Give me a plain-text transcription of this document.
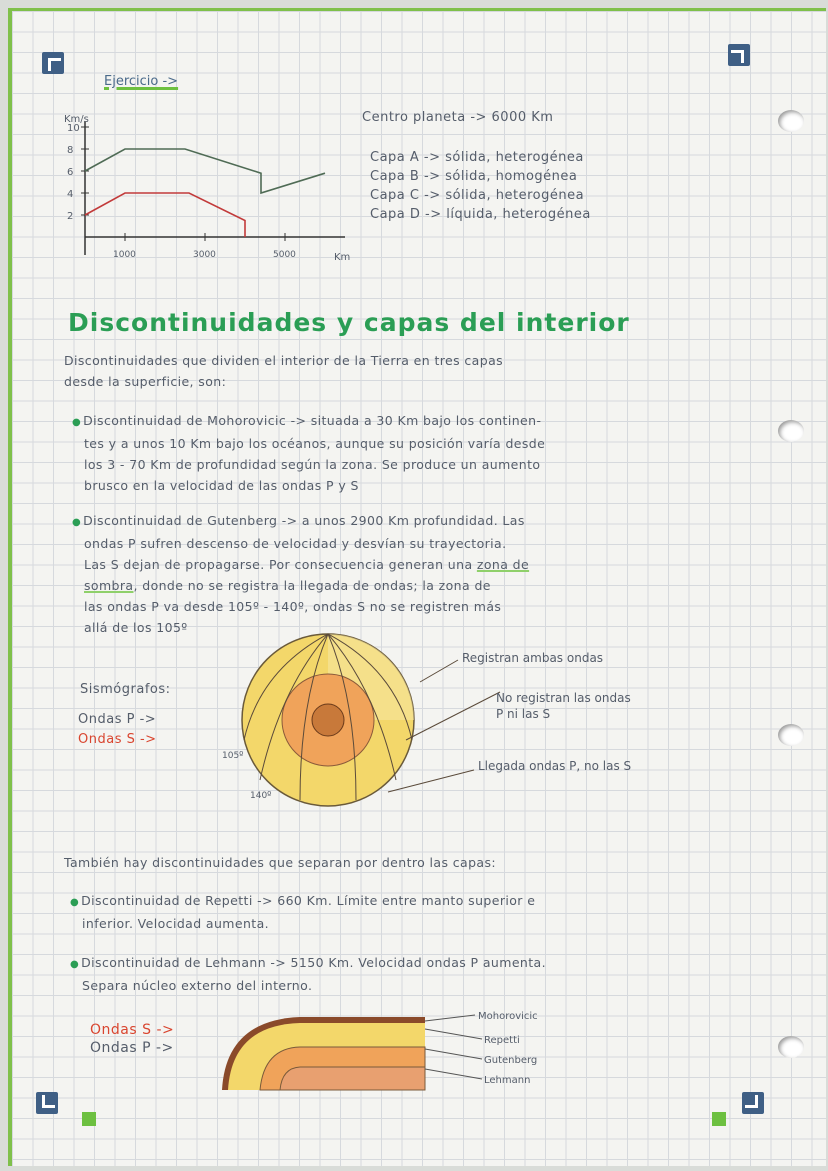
Ejercicio ->
Km/s
Km
2
4
6
8
10
1000	3000	5000
Centro planeta -> 6000 Km
Capa A -> sólida, heterogénea
Capa B -> sólida, homogénea
Capa C -> sólida, heterogénea
Capa D -> líquida, heterogénea
Discontinuidades y capas del interior
Discontinuidades que dividen el interior de la Tierra en tres capas
desde la superficie, son:
● Discontinuidad de Mohorovicic -> situada a 30 Km bajo los continen-
tes y a unos 10 Km bajo los océanos, aunque su posición varía desde
los 3 - 70 Km de profundidad según la zona. Se produce un aumento
brusco en la velocidad de las ondas P y S
● Discontinuidad de Gutenberg -> a unos 2900 Km profundidad. Las
ondas P sufren descenso de velocidad y desvían su trayectoria.
Las S dejan de propagarse. Por consecuencia generan una zona de
sombra, donde no se registra la llegada de ondas; la zona de
las ondas P va desde 105º - 140º, ondas S no se registren más
allá de los 105º
Sismógrafos:
Ondas P ->
Ondas S ->
105º
140º
Registran ambas ondas
No registran las ondas
P ni las S
Llegada ondas P, no las S
También hay discontinuidades que separan por dentro las capas:
● Discontinuidad de Repetti -> 660 Km. Límite entre manto superior e
inferior. Velocidad aumenta.
● Discontinuidad de Lehmann -> 5150 Km. Velocidad ondas P aumenta.
Separa núcleo externo del interno.
Ondas S ->
Ondas P ->
Mohorovicic
Repetti
Gutenberg
Lehmann
